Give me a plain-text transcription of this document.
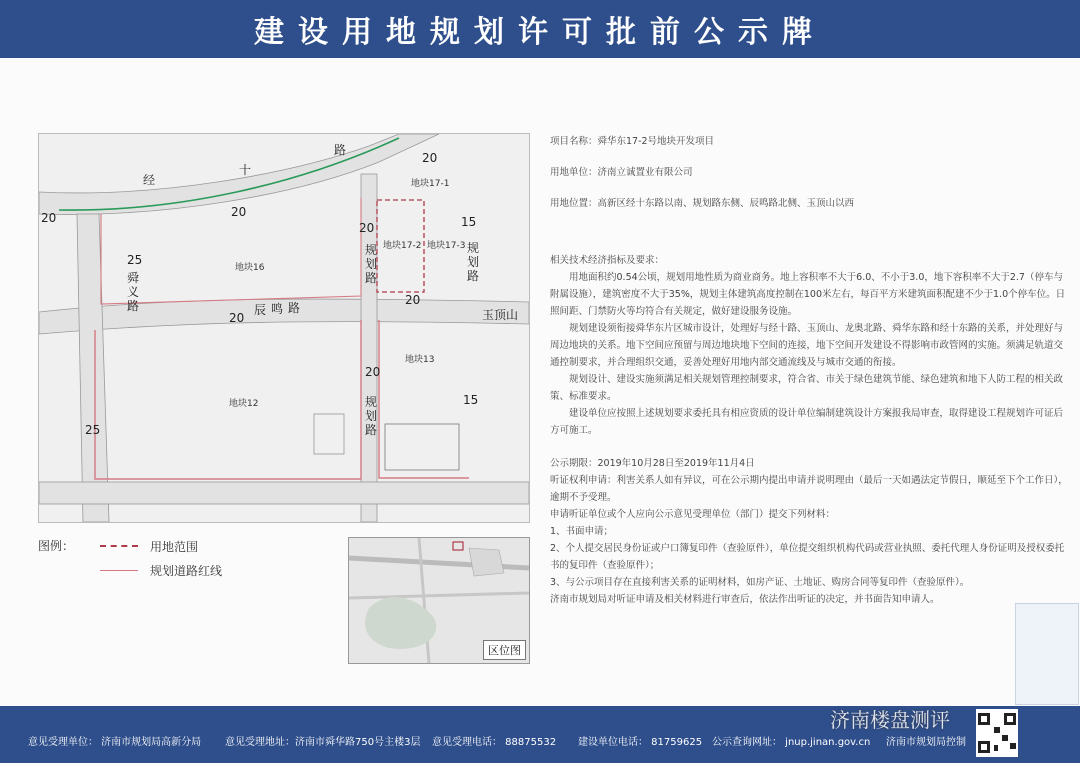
建设用地规划许可批前公示牌
经
十
路
舜
义
路	辰 鸣 路
规
划
路
规
划
路
规
划
路
玉顶山
20
20
20
25
20	15
20
20
20
15
25
地块17-1
地块17-2 地块17-3
地块16
地块13
地块12
图例：	用地范围
规划道路红线
区位图

项目名称：舜华东17-2号地块开发项目

用地单位：济南立诚置业有限公司

用地位置：高新区经十东路以南、规划路东侧、辰鸣路北侧、玉顶山以西

相关技术经济指标及要求：

用地面积约0.54公顷，规划用地性质为商业商务。地上容积率不大于6.0、不小于3.0，地下容积率不大于2.7（停车与附属设施），建筑密度不大于35%，规划主体建筑高度控制在100米左右，每百平方米建筑面积配建不少于1.0个停车位。日照间距、门禁防火等均符合有关规定，做好建设服务设施。

规划建设须衔接舜华东片区城市设计，处理好与经十路、玉顶山、龙奥北路、舜华东路和经十东路的关系，并处理好与周边地块的关系。地下空间应预留与周边地块地下空间的连接，地下空间开发建设不得影响市政管网的实施。须满足轨道交通控制要求，并合理组织交通，妥善处理好用地内部交通流线及与城市交通的衔接。

规划设计、建设实施须满足相关规划管理控制要求，符合省、市关于绿色建筑节能、绿色建筑和地下人防工程的相关政策、标准要求。

建设单位应按照上述规划要求委托具有相应资质的设计单位编制建筑设计方案报我局审查，取得建设工程规划许可证后方可施工。

公示期限：2019年10月28日至2019年11月4日

听证权利申请：利害关系人如有异议，可在公示期内提出申请并说明理由（最后一天如遇法定节假日，顺延至下个工作日），逾期不予受理。

申请听证单位或个人应向公示意见受理单位（部门）提交下列材料：

1、书面申请；

2、个人提交居民身份证或户口簿复印件（查验原件），单位提交组织机构代码或营业执照、委托代理人身份证明及授权委托书的复印件（查验原件）；

3、与公示项目存在直接利害关系的证明材料，如房产证、土地证、购房合同等复印件（查验原件）。

济南市规划局对听证申请及相关材料进行审查后，依法作出听证的决定，并书面告知申请人。

意见受理单位： 济南市规划局高新分局 意见受理地址：济南市舜华路750号主楼3层 意见受理电话： 88875532 建设单位电话： 81759625 公示查询网址： jnup.jinan.gov.cn 济南市规划局控制
济南楼盘测评
